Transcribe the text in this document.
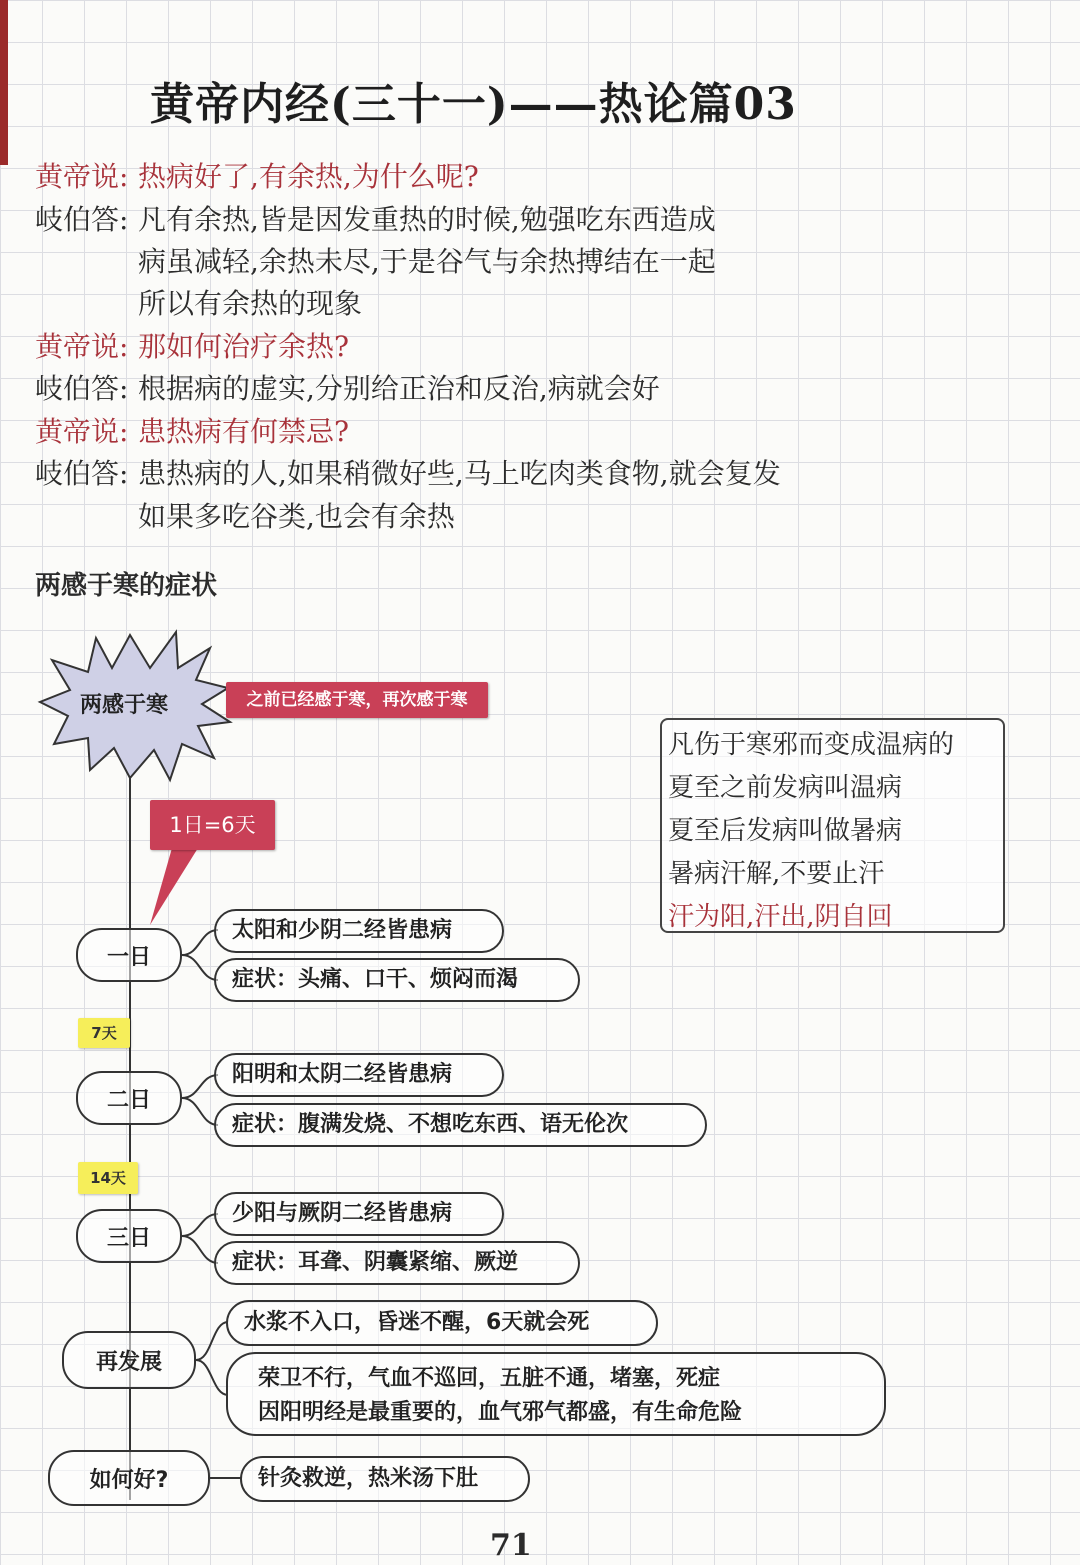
黄帝内经(三十一)——热论篇03
黄帝说: 热病好了,有余热,为什么呢?
岐伯答: 凡有余热,皆是因发重热的时候,勉强吃东西造成
病虽减轻,余热未尽,于是谷气与余热搏结在一起
所以有余热的现象
黄帝说: 那如何治疗余热?
岐伯答: 根据病的虚实,分别给正治和反治,病就会好
黄帝说: 患热病有何禁忌?
岐伯答: 患热病的人,如果稍微好些,马上吃肉类食物,就会复发
如果多吃谷类,也会有余热
两感于寒的症状
两感于寒	之前已经感于寒，再次感于寒
1日=6天
凡伤于寒邪而变成温病的
夏至之前发病叫温病
夏至后发病叫做暑病
暑病汗解,不要止汗
汗为阳,汗出,阴自回
7天
14天
一日
太阳和少阴二经皆患病
症状：头痛、口干、烦闷而渴
二日
阳明和太阴二经皆患病
症状：腹满发烧、不想吃东西、语无伦次
三日
少阳与厥阴二经皆患病
症状：耳聋、阴囊紧缩、厥逆
再发展
水浆不入口，昏迷不醒，6天就会死
荣卫不行，气血不巡回，五脏不通，堵塞，死症
因阳明经是最重要的，血气邪气都盛，有生命危险
如何好?	针灸救逆，热米汤下肚
71
